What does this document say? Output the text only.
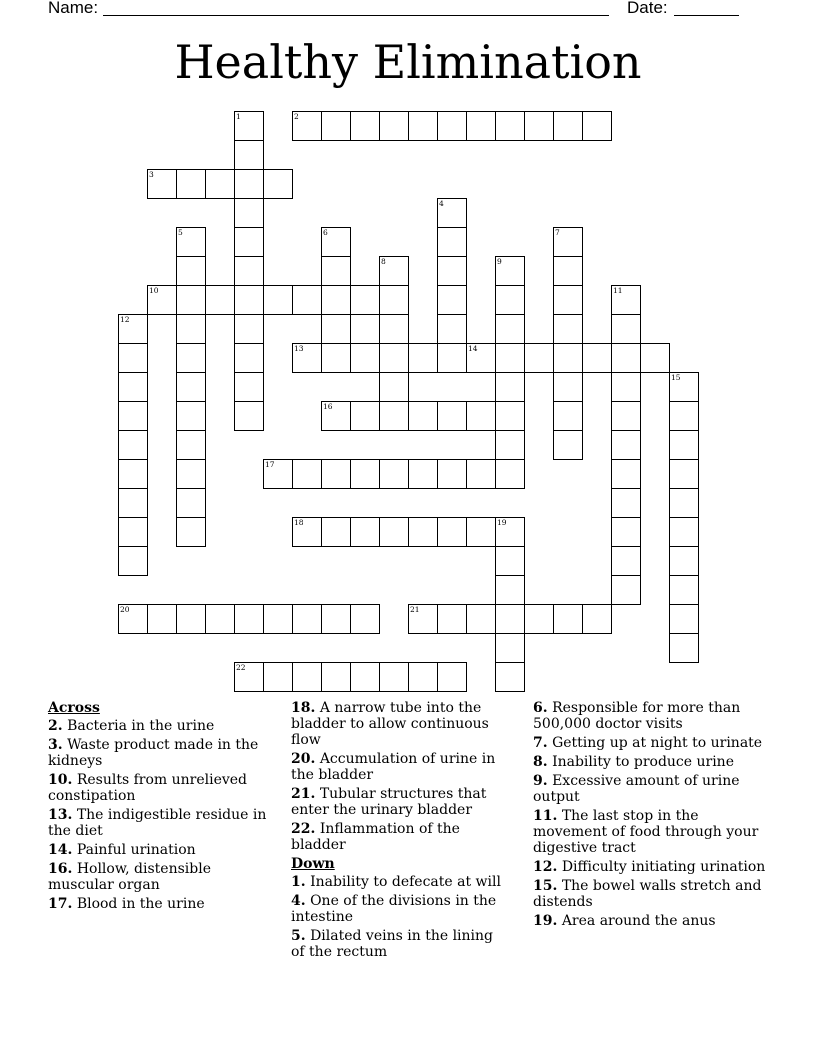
Name:	Date:
Healthy Elimination
1	2
3
4
5	6	7
8	9
10	11
12
13	14
15
16
17
18	19
20	21
22
Across
2. Bacteria in the urine
3. Waste product made in the kidneys
10. Results from unrelieved constipation
13. The indigestible residue in the diet
14. Painful urination
16. Hollow, distensible muscular organ
17. Blood in the urine
18. A narrow tube into the bladder to allow continuous flow
20. Accumulation of urine in the bladder
21. Tubular structures that enter the urinary bladder
22. Inflammation of the bladder
Down
1. Inability to defecate at will
4. One of the divisions in the intestine
5. Dilated veins in the lining of the rectum
6. Responsible for more than 500,000 doctor visits
7. Getting up at night to urinate
8. Inability to produce urine
9. Excessive amount of urine output
11. The last stop in the movement of food through your digestive tract
12. Difficulty initiating urination
15. The bowel walls stretch and distends
19. Area around the anus
